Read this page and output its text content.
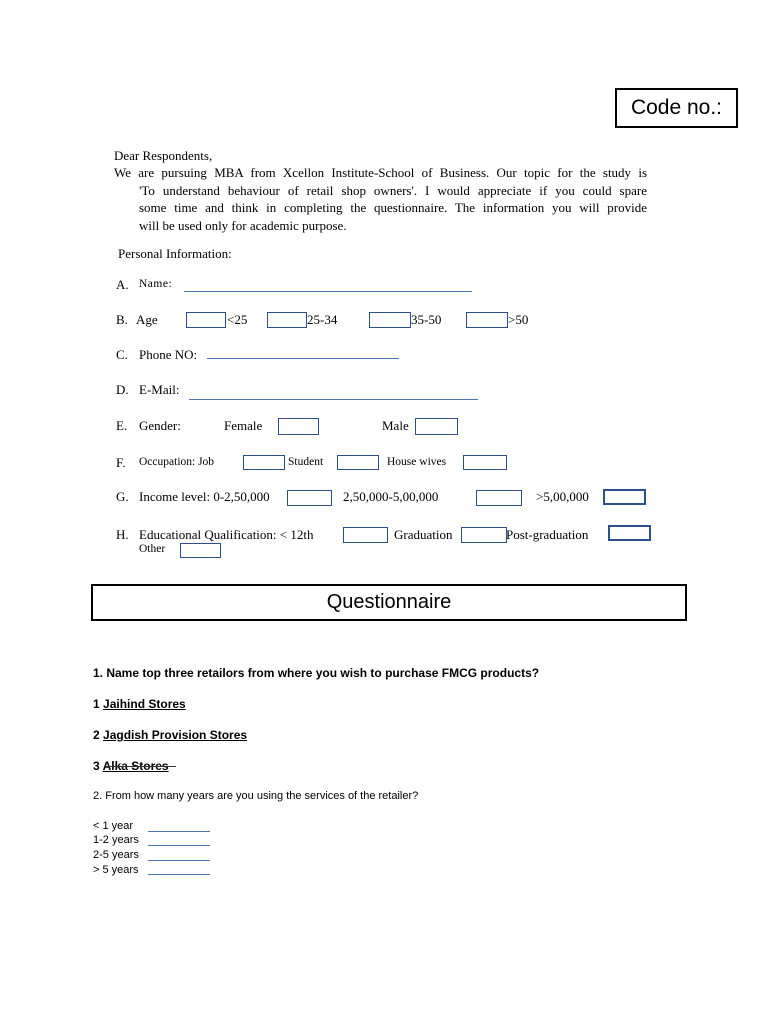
Code no.:
Dear Respondents,
We are pursuing MBA from Xcellon Institute-School of Business. Our topic for the study is
'To understand behaviour of retail shop owners'. I would appreciate if you could spare
some time and think in completing the questionnaire. The information you will provide
will be used only for academic purpose.
Personal Information:
A. Name:
B. Age	<25	25-34	35-50	>50
C. Phone NO:
D. E-Mail:
E. Gender:	Female	Male
F. Occupation: Job	Student	House wives
G. Income level: 0-2,50,000	2,50,000-5,00,000	>5,00,000
H. Educational Qualification: < 12th	Graduation	Post-graduation
Other
Questionnaire
1. Name top three retailors from where you wish to purchase FMCG products?
1 Jaihind Stores
2 Jagdish Provision Stores
3 Alka Stores
2. From how many years are you using the services of the retailer?
< 1 year
1-2 years
2-5 years
> 5 years
